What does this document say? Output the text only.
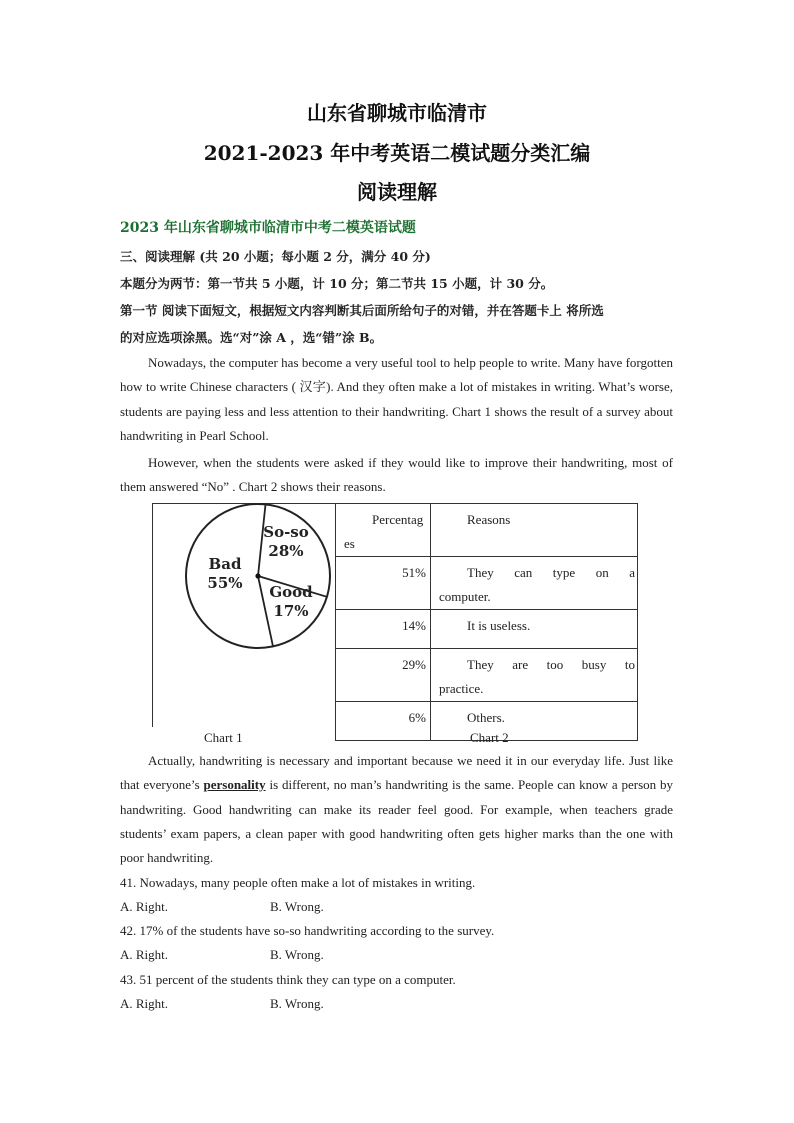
山东省聊城市临清市
2021-2023 年中考英语二模试题分类汇编
阅读理解
2023 年山东省聊城市临清市中考二模英语试题
三、阅读理解 (共 20 小题；每小题 2 分，满分 40 分)
本题分为两节：第一节共 5 小题，计 10 分；第二节共 15 小题，计 30 分。
第一节 阅读下面短文，根据短文内容判断其后面所给句子的对错，并在答题卡上 将所选
的对应选项涂黑。选“对”涂 A ，选“错”涂 B。
Nowadays, the computer has become a very useful tool to help people to write. Many have forgotten how to write Chinese characters ( 汉字). And they often make a lot of mistakes in writing. What’s worse, students are paying less and less attention to their handwriting. Chart 1 shows the result of a survey about handwriting in Pearl School.
However, when the students were asked if they would like to improve their handwriting, most of them answered “No” . Chart 2 shows their reasons.
Bad
55%
So-so
28%
Good
17%
Percentag
es	Reasons

51%	They can type on a
computer.

14%	It is useless.

29%	They are too busy to
practice.

6%	Others.
Chart 1	Chart 2
Actually, handwriting is necessary and important because we need it in our everyday life. Just like that everyone’s personality is different, no man’s handwriting is the same. People can know a person by handwriting. Good handwriting can make its reader feel good. For example, when teachers grade students’ exam papers, a clean paper with good handwriting often gets higher marks than the one with poor handwriting.
41. Nowadays, many people often make a lot of mistakes in writing.
A. Right.	B. Wrong.
42. 17% of the students have so-so handwriting according to the survey.
A. Right.	B. Wrong.
43. 51 percent of the students think they can type on a computer.
A. Right.	B. Wrong.
